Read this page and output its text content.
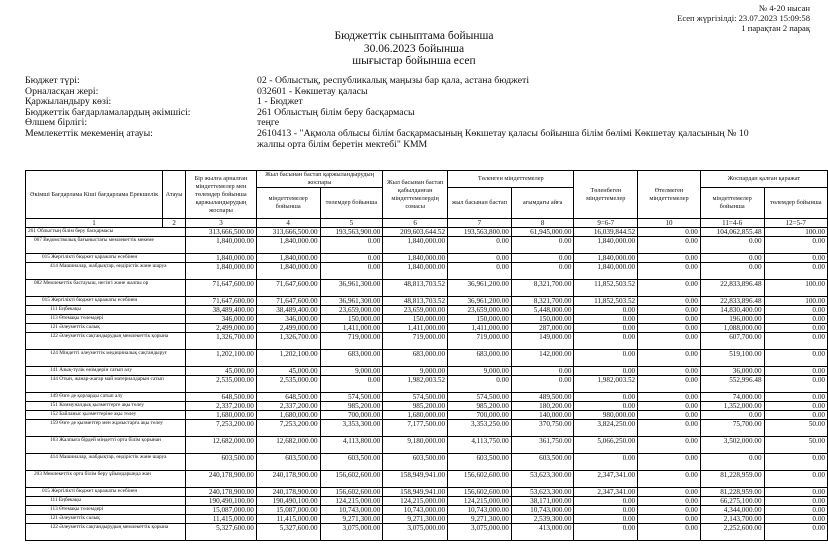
№ 4-20 нысан
Есеп жүргізілді: 23.07.2023 15:09:58
1 парақтан 2 парақ
Бюджеттік сыныптама бойынша
30.06.2023 бойынша
шығыстар бойынша есеп
Бюджет түрі:	02 - Облыстық, республикалық маңызы бар қала, астана бюджеті
Орналасқан жері:	032601 - Көкшетау қаласы
Қаржыландыру көзі:	1 - Бюджет
Бюджеттік бағдарламалардың әкімшісі:	261 Облыстың білім беру басқармасы
Өлшем бірлігі:	теңге
Мемлекеттік мекеменің атауы:	2610413 - "Ақмола облысы білім басқармасының Көкшетау қаласы бойынша білім бөлімі Көкшетау қаласының № 10 жалпы орта білім беретін мектебі" КММ
Әкімші Бағдарлама Кіші бағдарлама Ерекшелік	Атауы	Бір жылға арналған міндеттемелер мен төлемдер бойынша қаржыландырудың жоспары	Жыл басынан бастап қаржыландырудың жоспары		Жыл басынан бастап қабылданған міндеттемелердің сомасы	Төленген міндеттемелер		Төленбеген міндеттемелер	Өтелмеген міндеттемелер	Жоспардан қалған қаражат	
			міндеттемелер бойынша	төлемдер бойынша		жыл басынан бастап	ағымдағы айға			міндеттемелер бойынша	төлемдер бойынша
1	2	3	4	5	6	7	8	9=6-7	10	11=4-6	12=5-7

261 Облыстың білім беру басқармасы		313,666,500.00	313,666,500.00	193,563,900.00	209,603,644.52	193,563,800.00	61,945,000.00	16,039,844.52	0.00	104,062,855.48	100.00

067 Ведомстволық бағыныстағы мемлекеттік мекеме		1,840,000.00	1,840,000.00	0.00	1,840,000.00	0.00	0.00	1,840,000.00	0.00	0.00	0.00

015 Жергілікті бюджет қаражаты есебінен		1,840,000.00	1,840,000.00	0.00	1,840,000.00	0.00	0.00	1,840,000.00	0.00	0.00	0.00

414 Машиналар, жабдықтар, өндірістік және шаруа		1,840,000.00	1,840,000.00	0.00	1,840,000.00	0.00	0.00	1,840,000.00	0.00	0.00	0.00

082 Мемлекеттік бастауыш, негізгі және жалпы ор		71,647,600.00	71,647,600.00	36,961,300.00	48,813,703.52	36,961,200.00	8,321,700.00	11,852,503.52	0.00	22,833,896.48	100.00

015 Жергілікті бюджет қаражаты есебінен		71,647,600.00	71,647,600.00	36,961,300.00	48,813,703.52	36,961,200.00	8,321,700.00	11,852,503.52	0.00	22,833,896.48	100.00

111 Еңбекақы		38,489,400.00	38,489,400.00	23,659,000.00	23,659,000.00	23,659,000.00	5,448,000.00	0.00	0.00	14,830,400.00	0.00

113 Өтемақы төлемдері		346,000.00	346,000.00	150,000.00	150,000.00	150,000.00	150,000.00	0.00	0.00	196,000.00	0.00

121 Әлеуметтік салық		2,499,000.00	2,499,000.00	1,411,000.00	1,411,000.00	1,411,000.00	287,000.00	0.00	0.00	1,088,000.00	0.00

122 Әлеуметтік сақтандырудың мемлекеттік қорына		1,326,700.00	1,326,700.00	719,000.00	719,000.00	719,000.00	149,000.00	0.00	0.00	607,700.00	0.00

124 Міндетті әлеуметтік медициналық сақтандыруғ		1,202,100.00	1,202,100.00	683,000.00	683,000.00	683,000.00	142,000.00	0.00	0.00	519,100.00	0.00

141 Азық-түлік өнімдерін сатып алу		45,000.00	45,000.00	9,000.00	9,000.00	9,000.00	0.00	0.00	0.00	36,000.00	0.00

144 Отын, жанар-жағар май материалдарын сатып		2,535,000.00	2,535,000.00	0.00	1,982,003.52	0.00	0.00	1,982,003.52	0.00	552,996.48	0.00

149 Өзге де қорларды сатып алу		648,500.00	648,500.00	574,500.00	574,500.00	574,500.00	489,500.00	0.00	0.00	74,000.00	0.00

151 Коммуналдық қызметтерге ақы төлеу		2,337,200.00	2,337,200.00	985,200.00	985,200.00	985,200.00	180,200.00	0.00	0.00	1,352,000.00	0.00

152 Байланыс қызметтеріне ақы төлеу		1,680,000.00	1,680,000.00	700,000.00	1,680,000.00	700,000.00	140,000.00	980,000.00	0.00	0.00	0.00

159 Өзге де қызметтер мен жұмыстарға ақы төлеу		7,253,200.00	7,253,200.00	3,353,300.00	7,177,500.00	3,353,250.00	370,750.00	3,824,250.00	0.00	75,700.00	50.00

163 Жалпыға бірдей міндетті орта білім қорынан		12,682,000.00	12,682,000.00	4,113,800.00	9,180,000.00	4,113,750.00	361,750.00	5,066,250.00	0.00	3,502,000.00	50.00

414 Машиналар, жабдықтар, өндірістік және шаруа		603,500.00	603,500.00	603,500.00	603,500.00	603,500.00	603,500.00	0.00	0.00	0.00	0.00

203 Мемлекеттік орта білім беру ұйымдарында жан		240,178,900.00	240,178,900.00	156,602,600.00	158,949,941.00	156,602,600.00	53,623,300.00	2,347,341.00	0.00	81,228,959.00	0.00

015 Жергілікті бюджет қаражаты есебінен		240,178,900.00	240,178,900.00	156,602,600.00	158,949,941.00	156,602,600.00	53,623,300.00	2,347,341.00	0.00	81,228,959.00	0.00

111 Еңбекақы		190,490,100.00	190,490,100.00	124,215,000.00	124,215,000.00	124,215,000.00	38,171,000.00	0.00	0.00	66,275,100.00	0.00

113 Өтемақы төлемдері		15,087,000.00	15,087,000.00	10,743,000.00	10,743,000.00	10,743,000.00	10,743,000.00	0.00	0.00	4,344,000.00	0.00

121 Әлеуметтік салық		11,415,000.00	11,415,000.00	9,271,300.00	9,271,300.00	9,271,300.00	2,539,300.00	0.00	0.00	2,143,700.00	0.00

122 Әлеуметтік сақтандырудың мемлекеттік қорына		5,327,600.00	5,327,600.00	3,075,000.00	3,075,000.00	3,075,000.00	413,000.00	0.00	0.00	2,252,600.00	0.00
